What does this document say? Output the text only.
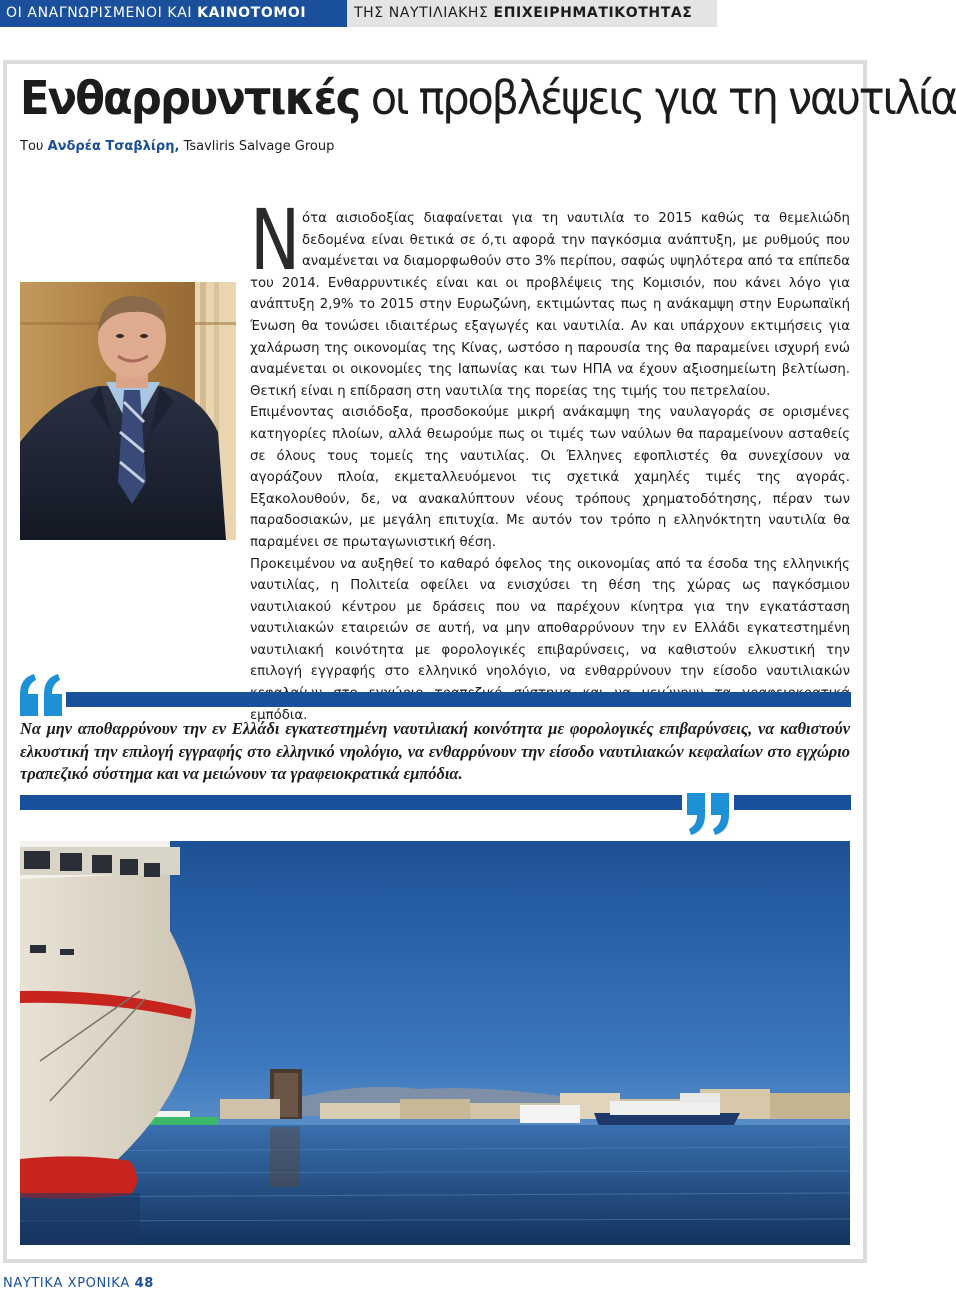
ΟΙ ΑΝΑΓΝΩΡΙΣΜΕΝΟΙ ΚΑΙ ΚΑΙΝΟΤΟΜΟΙ	ΤΗΣ ΝΑΥΤΙΛΙΑΚΗΣ ΕΠΙΧΕΙΡΗΜΑΤΙΚΟΤΗΤΑΣ
Ενθαρρυντικές οι προβλέψεις για τη ναυτιλία
Του Ανδρέα Τσαβλίρη, Tsavliris Salvage Group
Ν ότα αισιοδοξίας διαφαίνεται για τη ναυτιλία το 2015 καθώς τα θεμελιώδη δεδομένα είναι θετικά σε ό,τι αφορά την παγκόσμια ανάπτυξη, με ρυθμούς που αναμένεται να διαμορφωθούν στο 3% περίπου, σαφώς υψηλότερα από τα επίπεδα του 2014. Ενθαρρυντικές είναι και οι προβλέψεις της Κομισιόν, που κάνει λόγο για ανάπτυξη 2,9% το 2015 στην Ευρωζώνη, εκτιμώντας πως η ανάκαμψη στην Ευρωπαϊκή Ένωση θα τονώσει ιδιαιτέρως εξαγωγές και ναυτιλία. Αν και υπάρχουν εκτιμήσεις για χαλάρωση της οικονομίας της Κίνας, ωστόσο η παρουσία της θα παραμείνει ισχυρή ενώ αναμένεται οι οικονομίες της Ιαπωνίας και των ΗΠΑ να έχουν αξιοσημείωτη βελτίωση. Θετική είναι η επίδραση στη ναυτιλία της πορείας της τιμής του πετρελαίου.

Επιμένοντας αισιόδοξα, προσδοκούμε μικρή ανάκαμψη της ναυλαγοράς σε ορισμένες κατηγορίες πλοίων, αλλά θεωρούμε πως οι τιμές των ναύλων θα παραμείνουν ασταθείς σε όλους τους τομείς της ναυτιλίας. Οι Έλληνες εφοπλιστές θα συνεχίσουν να αγοράζουν πλοία, εκμεταλλευόμενοι τις σχετικά χαμηλές τιμές της αγοράς. Εξακολουθούν, δε, να ανακαλύπτουν νέους τρόπους χρηματοδότησης, πέραν των παραδοσιακών, με μεγάλη επιτυχία. Με αυτόν τον τρόπο η ελληνόκτητη ναυτιλία θα παραμένει σε πρωταγωνιστική θέση.

Προκειμένου να αυξηθεί το καθαρό όφελος της οικονομίας από τα έσοδα της ελληνικής ναυτιλίας, η Πολιτεία οφείλει να ενισχύσει τη θέση της χώρας ως παγκόσμιου ναυτιλιακού κέντρου με δράσεις που να παρέχουν κίνητρα για την εγκατάσταση ναυτιλιακών εταιρειών σε αυτή, να μην αποθαρρύνουν την εν Ελλάδι εγκατεστημένη ναυτιλιακή κοινότητα με φορολογικές επιβαρύνσεις, να καθιστούν ελκυστική την επιλογή εγγραφής στο ελληνικό νηολόγιο, να ενθαρρύνουν την είσοδο ναυτιλιακών εμπόδια.

Να μην αποθαρρύνουν την εν Ελλάδι εγκατεστημένη ναυτιλιακή κοινότητα με φορολογικές επιβαρύνσεις, να καθιστούν ελκυστική την επιλογή εγγραφής στο ελληνικό νηολόγιο, να ενθαρρύνουν την είσοδο ναυτιλιακών κεφαλαίων στο εγχώριο τραπεζικό σύστημα και να μειώνουν τα γραφειοκρατικά εμπόδια.
ΝΑΥΤΙΚΑ ΧΡΟΝΙΚΑ 48
